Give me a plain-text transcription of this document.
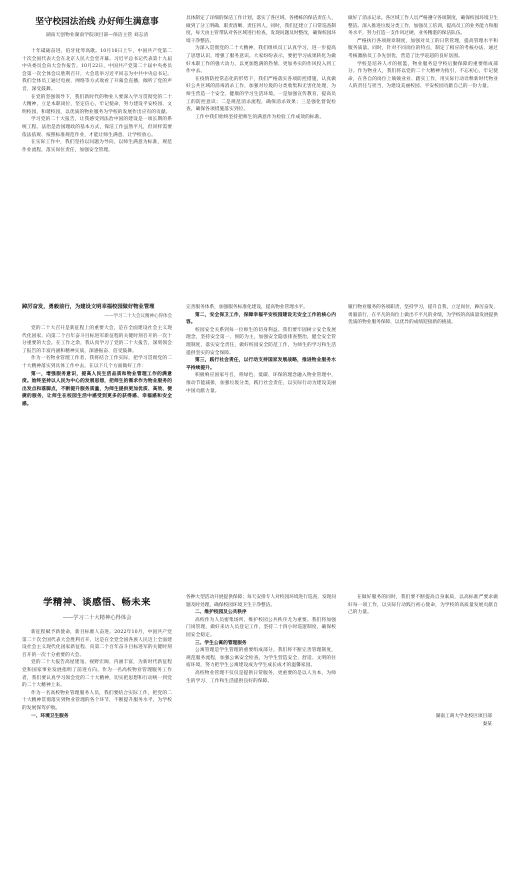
坚守校园法治线 办好师生满意事
湖南天创物业湖南学院项目部—保洁主管 刘志清

十年砥砺奋进，伯牙抚琴高歌。10月16日上午，中国共产党第二十次全国代表大会在北京人民大会堂开幕。习近平总书记代表第十九届中央委员会向大会作报告。10月22日，中国共产党第二十届中央委员会第一次全体会议胜利召开，大会选举习近平同志为中共中央总书记。我们全体员工通过电视、网络等方式收看了开幕会直播，倾听了党的声音，深受鼓舞。

在党的坚强领导下，我们新时代的物业人要深入学习贯彻党的二十大精神，立足本职岗位，坚定信心，牢记使命，努力建设平安校园、文明校园、和谐校园，以优质的物业服务为学校的发展作出应有的贡献。

学习党的二十大报告，让我感受到法治中国的建设是一项长期的系统工程。法治是治国理政的基本方式，保洁工作虽然平凡，但同样需要依法依规、按照标准规范作业，才能让师生满意、让学校放心。

在实际工作中，我们坚持以问题为导向，以师生满意为标准，规范作业流程，落实岗位责任，加强安全管理。

具体制定了详细的保洁工作计划，落实了各区域、各楼栋的保洁责任人，做到了分工明确、职责清晰、责任到人。同时，我们还建立了日常巡查制度，每天由主管带队对各区域进行检查，发现问题及时整改，确保校园环境干净整洁。

为深入贯彻党的二十大精神，我们组织员工认真学习，进一步提高了思想认识，增强了服务意识。大家纷纷表示，要把学习成果转化为做好本职工作的强大动力，以更加饱满的热情、更加务实的作风投入到工作中去。

在疫情防控常态化的形势下，我们严格落实各项防控措施，认真做好公共区域的消毒消杀工作，加强对垃圾的分类收集和无害化处理，为师生营造一个安全、健康的学习生活环境。一是加强宣传教育，提高员工的防控意识；二是规范消杀流程，确保消杀效果；三是强化督促检查，确保各项措施落实到位。

工作中我们始终坚持把师生的满意作为检验工作成效的标准。

做好了消杀记录。各区域工作人员严格遵守各项制度，确保校园环境卫生整洁。深入推进垃圾分类工作，加强员工培训，提高员工的业务能力和服务水平，努力打造一支作风过硬、业务精湛的保洁队伍。

严格执行各项规章制度，加强对员工的日常管理，提高管理水平和服务质量。同时，针对不同岗位的特点，制定了相应的考核办法，通过考核激励员工争先创优，营造了比学赶超的良好氛围。

学校是培养人才的摇篮，物业服务是学校后勤保障的重要组成部分。作为物业人，我们将以党的二十大精神为指引，不忘初心，牢记使命，在各自的岗位上兢兢业业、踏实工作，用实际行动诠释新时代物业人的责任与担当，为建设美丽校园、平安校园贡献自己的一份力量。

踔厉奋发，勇毅前行，为建设文明幸福校园做好物业管理
——学习二十大会议精神心得体会

党的二十大召开是新征程上的重要大会，是在全面建设社会主义现代化国家、向第二个百年奋斗目标进军新征程的关键时刻召开的一次十分重要的大会。在工作之余，我认真学习了党的二十大报告，深刻领会了报告的丰富内涵和精神实质，深感振奋、倍受鼓舞。

作为一名物业管理工作者，我将结合工作实际，把学习贯彻党的二十大精神落实到具体工作中去，在以下几个方面做好工作：

第一，增强服务意识，提高人民生活品质和物业管理工作的满意度。始终坚持以人民为中心的发展思想，把师生的需求作为物业服务的出发点和落脚点，不断提升服务质量，为师生提供更加优质、高效、便捷的服务，让师生在校园生活中感受到更多的获得感、幸福感和安全感。

完善服务体系，加强服务标准化建设，提高物业管理水平。

第二，安全保卫工作，保障幸福平安校园建设无安全工作的核心内容。

校园安全关系到每一位师生的切身利益。我们要牢固树立安全发展理念，坚持安全第一、预防为主，加强安全隐患排查整治，健全安全管理制度，落实安全责任，做好校园安全防范工作，为师生的学习和生活提供坚实的安全保障。

第三，践行社会责任，以行动支持国家发展战略，推进物业服务水平持续提升。

积极响应国家号召，将绿色、低碳、环保的理念融入物业管理中，推动节能减排，加强垃圾分类，践行社会责任，以实际行动为建设美丽中国贡献力量。

履行物业服务的各项职责，坚持学习，提升自我，立足岗位，踔厉奋发，勇毅前行，在平凡的岗位上做出不平凡的业绩，为学校的高质量发展提供优质的物业服务保障，以优异的成绩迎接新的挑战。

学精神、谈感悟、畅未来
——学习二十大精神心得体会

新征程赋予新使命，新目标催人奋进。2022年10月，中国共产党第二十次全国代表大会胜利召开，这是在全党全国各族人民迈上全面建设社会主义现代化国家新征程、向第二个百年奋斗目标进军的关键时刻召开的一次十分重要的大会。

党的二十大报告高屋建瓴、视野宏阔、内涵丰富，为新时代新征程党和国家事业发展指明了前进方向。作为一名高校物业管理服务工作者，我们要认真学习领会党的二十大精神，切实把思想和行动统一到党的二十大精神上来。

作为一名高校物业管理服务人员，我们要结合实际工作，把党的二十大精神贯彻落实到物业管理的各个环节，不断提升服务水平，为学校的发展保驾护航。

一、环境卫生服务

各种大型活动开展提供保障；每天安排专人对校园环境进行巡查，发现问题及时处理，确保校园环境卫生干净整洁。

二、维护校园及公共秩序

高校作为人员密集场所，维护校园公共秩序尤为重要。我们将加强门岗管理，做好来访人员登记工作，坚持二十四小时巡逻制度，确保校园安全稳定。

三、学生公寓的管理服务

公寓管理是学生管理的重要组成部分。我们将不断完善管理制度，规范服务流程，加强公寓安全检查，为学生营造安全、舒适、文明的住宿环境，努力把学生公寓建设成为学生成长成才的温馨家园。

高校物业管理不仅仅是提供日常服务，更重要的是以人为本，为师生的学习、工作和生活提供良好的保障。

在做好服务的同时，我们要不断提高自身素质，以高标准严要求做好每一项工作，以实际行动践行初心使命，为学校的高质量发展贡献自己的力量。

湖南工商大学北校区项目部

秦某
